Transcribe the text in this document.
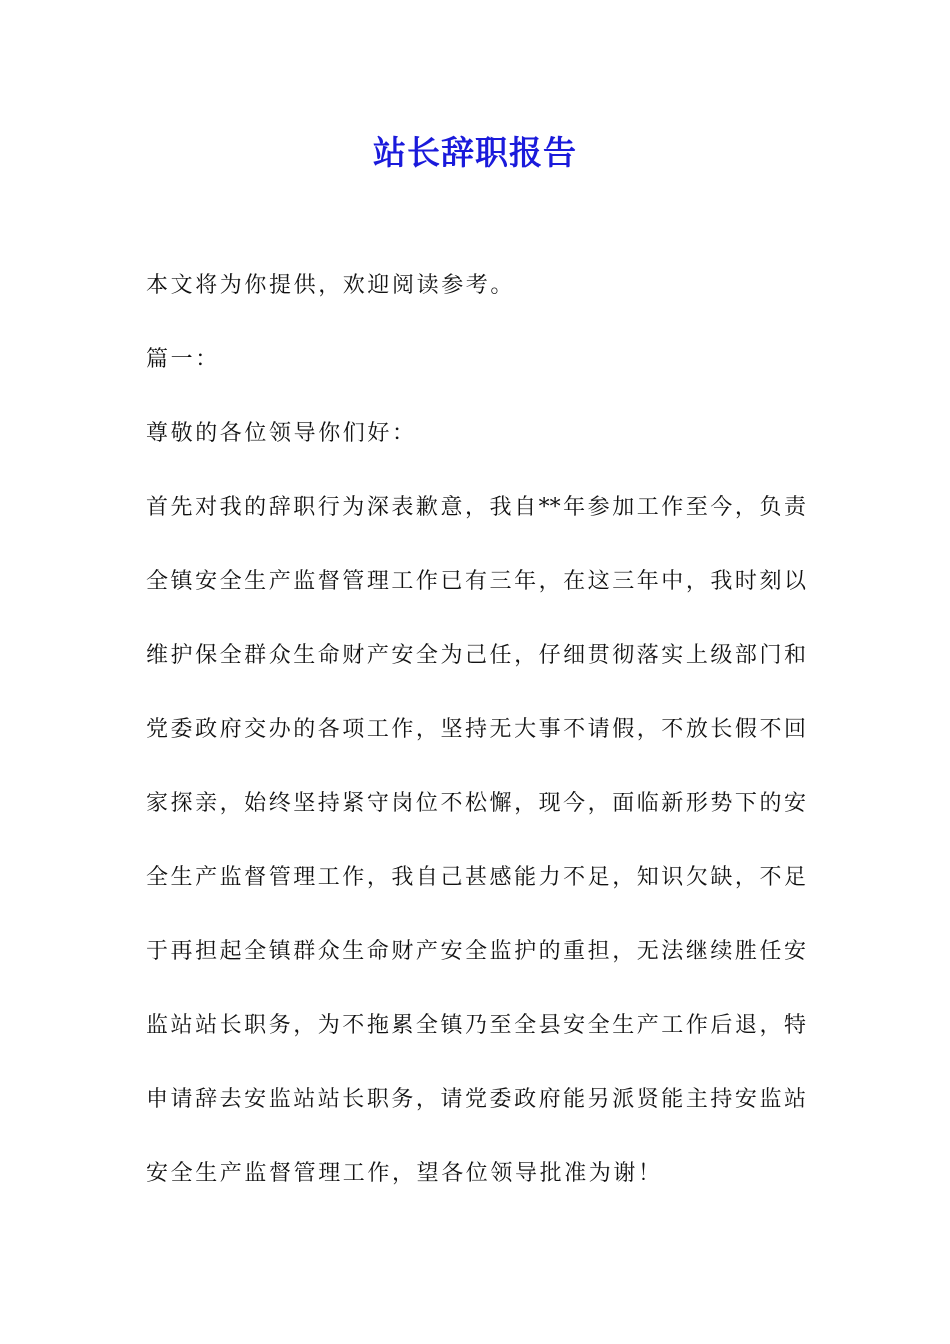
站长辞职报告
本文将为你提供，欢迎阅读参考。
篇一：
尊敬的各位领导你们好：
首先对我的辞职行为深表歉意，我自**年参加工作至今，负责
全镇安全生产监督管理工作已有三年，在这三年中，我时刻以
维护保全群众生命财产安全为己任，仔细贯彻落实上级部门和
党委政府交办的各项工作，坚持无大事不请假，不放长假不回
家探亲，始终坚持紧守岗位不松懈，现今，面临新形势下的安
全生产监督管理工作，我自己甚感能力不足，知识欠缺，不足
于再担起全镇群众生命财产安全监护的重担，无法继续胜任安
监站站长职务，为不拖累全镇乃至全县安全生产工作后退，特
申请辞去安监站站长职务，请党委政府能另派贤能主持安监站
安全生产监督管理工作，望各位领导批准为谢！
